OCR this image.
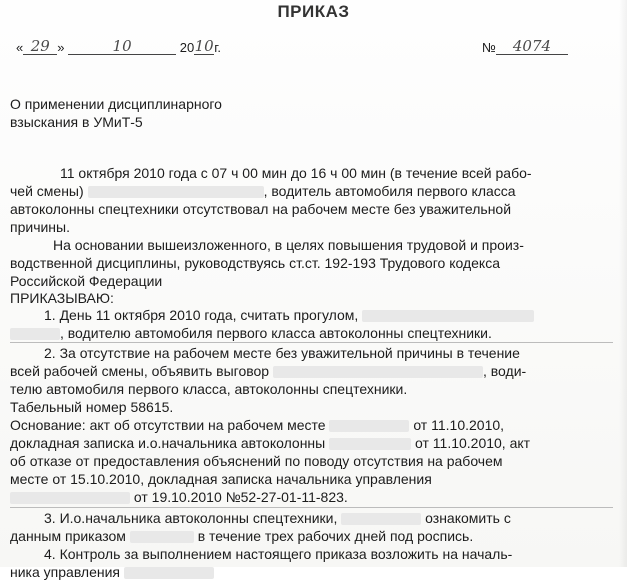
ПРИКАЗ
« 29 »	10	2010г.	№ 4074
О применении дисциплинарного
взыскания в УМиТ-5
11 октября 2010 года с 07 ч 00 мин до 16 ч 00 мин (в течение всей рабо-
чей смены)	, водитель автомобиля первого класса
автоколонны спецтехники отсутствовал на рабочем месте без уважительной
причины.
На основании вышеизложенного, в целях повышения трудовой и произ-
водственной дисциплины, руководствуясь ст.ст. 192-193 Трудового кодекса
Российской Федерации
ПРИКАЗЫВАЮ:
1. День 11 октября 2010 года, считать прогулом,
, водителю автомобиля первого класса автоколонны спецтехники.
2. За отсутствие на рабочем месте без уважительной причины в течение
всей рабочей смены, объявить выговор	, води-
телю автомобиля первого класса, автоколонны спецтехники.
Табельный номер 58615.
Основание: акт об отсутствии на рабочем месте	от 11.10.2010,
докладная записка и.о.начальника автоколонны	от 11.10.2010, акт
об отказе от предоставления объяснений по поводу отсутствия на рабочем
месте от 15.10.2010, докладная записка начальника управления
от 19.10.2010 №52-27-01-11-823.
3. И.о.начальника автоколонны спецтехники,	ознакомить с
данным приказом	в течение трех рабочих дней под роспись.
4. Контроль за выполнением настоящего приказа возложить на началь-
ника управления
